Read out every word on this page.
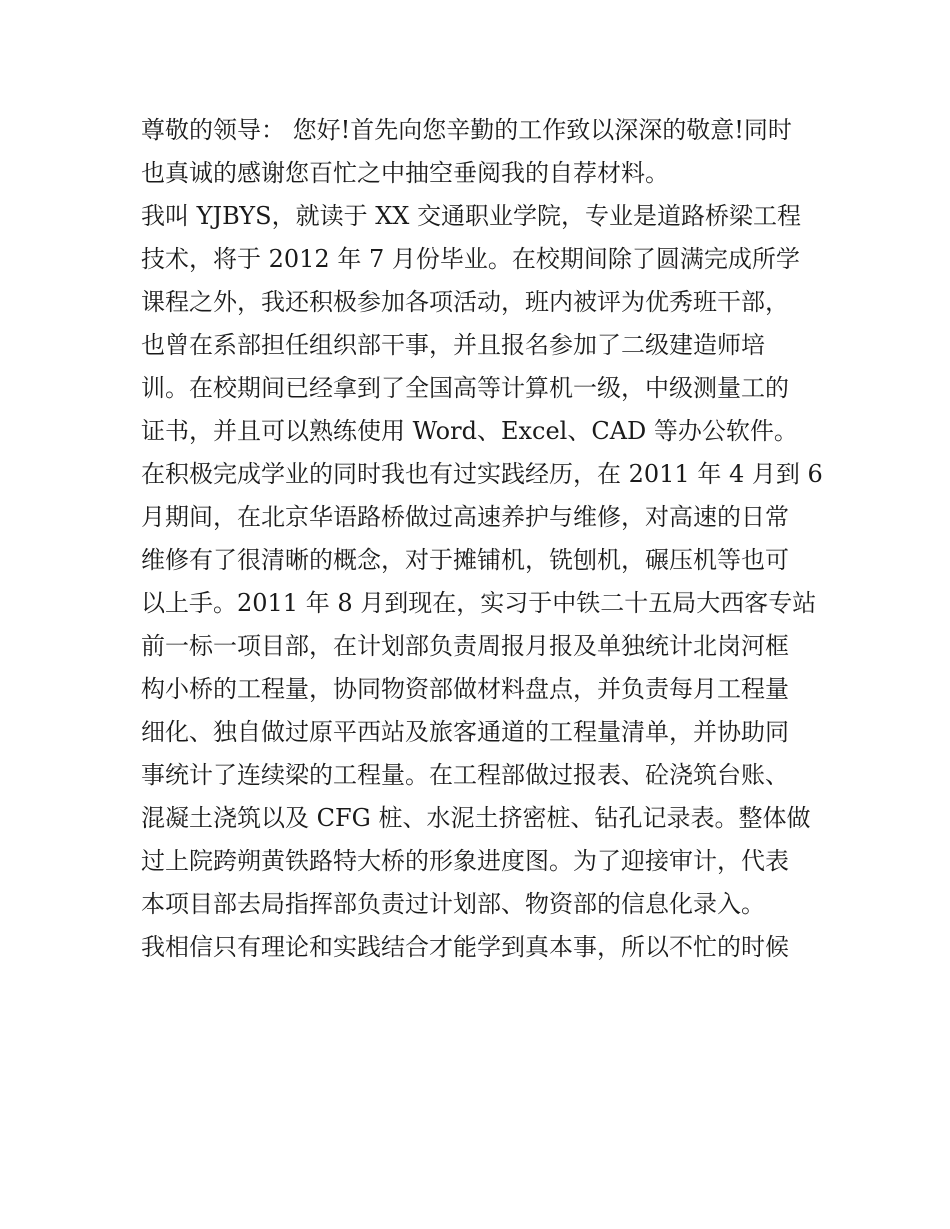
尊敬的领导： 您好!首先向您辛勤的工作致以深深的敬意!同时

也真诚的感谢您百忙之中抽空垂阅我的自荐材料。

我叫 YJBYS，就读于 XX 交通职业学院，专业是道路桥梁工程

技术，将于 2012 年 7 月份毕业。在校期间除了圆满完成所学

课程之外，我还积极参加各项活动，班内被评为优秀班干部，

也曾在系部担任组织部干事，并且报名参加了二级建造师培

训。在校期间已经拿到了全国高等计算机一级，中级测量工的

证书，并且可以熟练使用 Word、Excel、CAD 等办公软件。

在积极完成学业的同时我也有过实践经历，在 2011 年 4 月到 6

月期间，在北京华语路桥做过高速养护与维修，对高速的日常

维修有了很清晰的概念，对于摊铺机，铣刨机，碾压机等也可

以上手。2011 年 8 月到现在，实习于中铁二十五局大西客专站

前一标一项目部，在计划部负责周报月报及单独统计北岗河框

构小桥的工程量，协同物资部做材料盘点，并负责每月工程量

细化、独自做过原平西站及旅客通道的工程量清单，并协助同

事统计了连续梁的工程量。在工程部做过报表、砼浇筑台账、

混凝土浇筑以及 CFG 桩、水泥土挤密桩、钻孔记录表。整体做

过上院跨朔黄铁路特大桥的形象进度图。为了迎接审计，代表

本项目部去局指挥部负责过计划部、物资部的信息化录入。

我相信只有理论和实践结合才能学到真本事，所以不忙的时候
